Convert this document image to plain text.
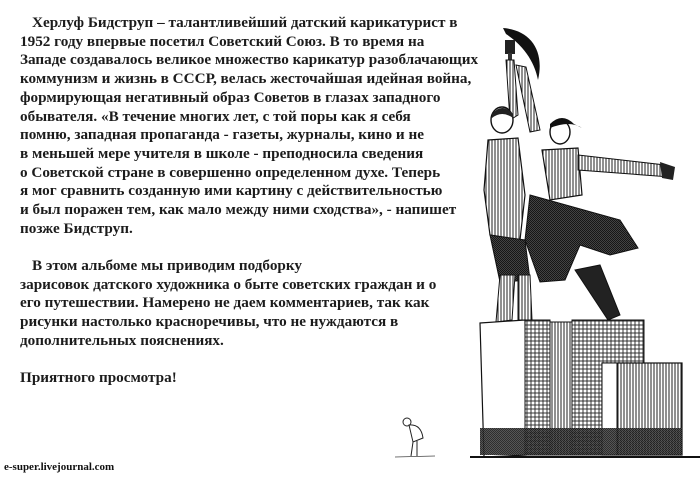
Херлуф Бидструп – талантливейший датский карикатурист в
1952 году впервые посетил Советский Союз. В то время на
Западе создавалось великое множество карикатур разоблачающих
коммунизм и жизнь в СССР, велась жесточайшая идейная война,
формирующая негативный образ Советов в глазах западного
обывателя. «В течение многих лет, с той поры как я себя
помню, западная пропаганда - газеты, журналы, кино и не
в меньшей мере учителя в школе - преподносила сведения
о Советской стране в совершенно определенном духе. Теперь
я мог сравнить созданную ими картину с действительностью
и был поражен тем, как мало между ними сходства», - напишет
позже Бидструп.

В этом альбоме мы приводим подборку
зарисовок датского художника о быте советских граждан и о
его путешествии. Намерено не даем комментариев, так как
рисунки настолько красноречивы, что не нуждаются в
дополнительных пояснениях.

Приятного просмотра!

e-super.livejournal.com
